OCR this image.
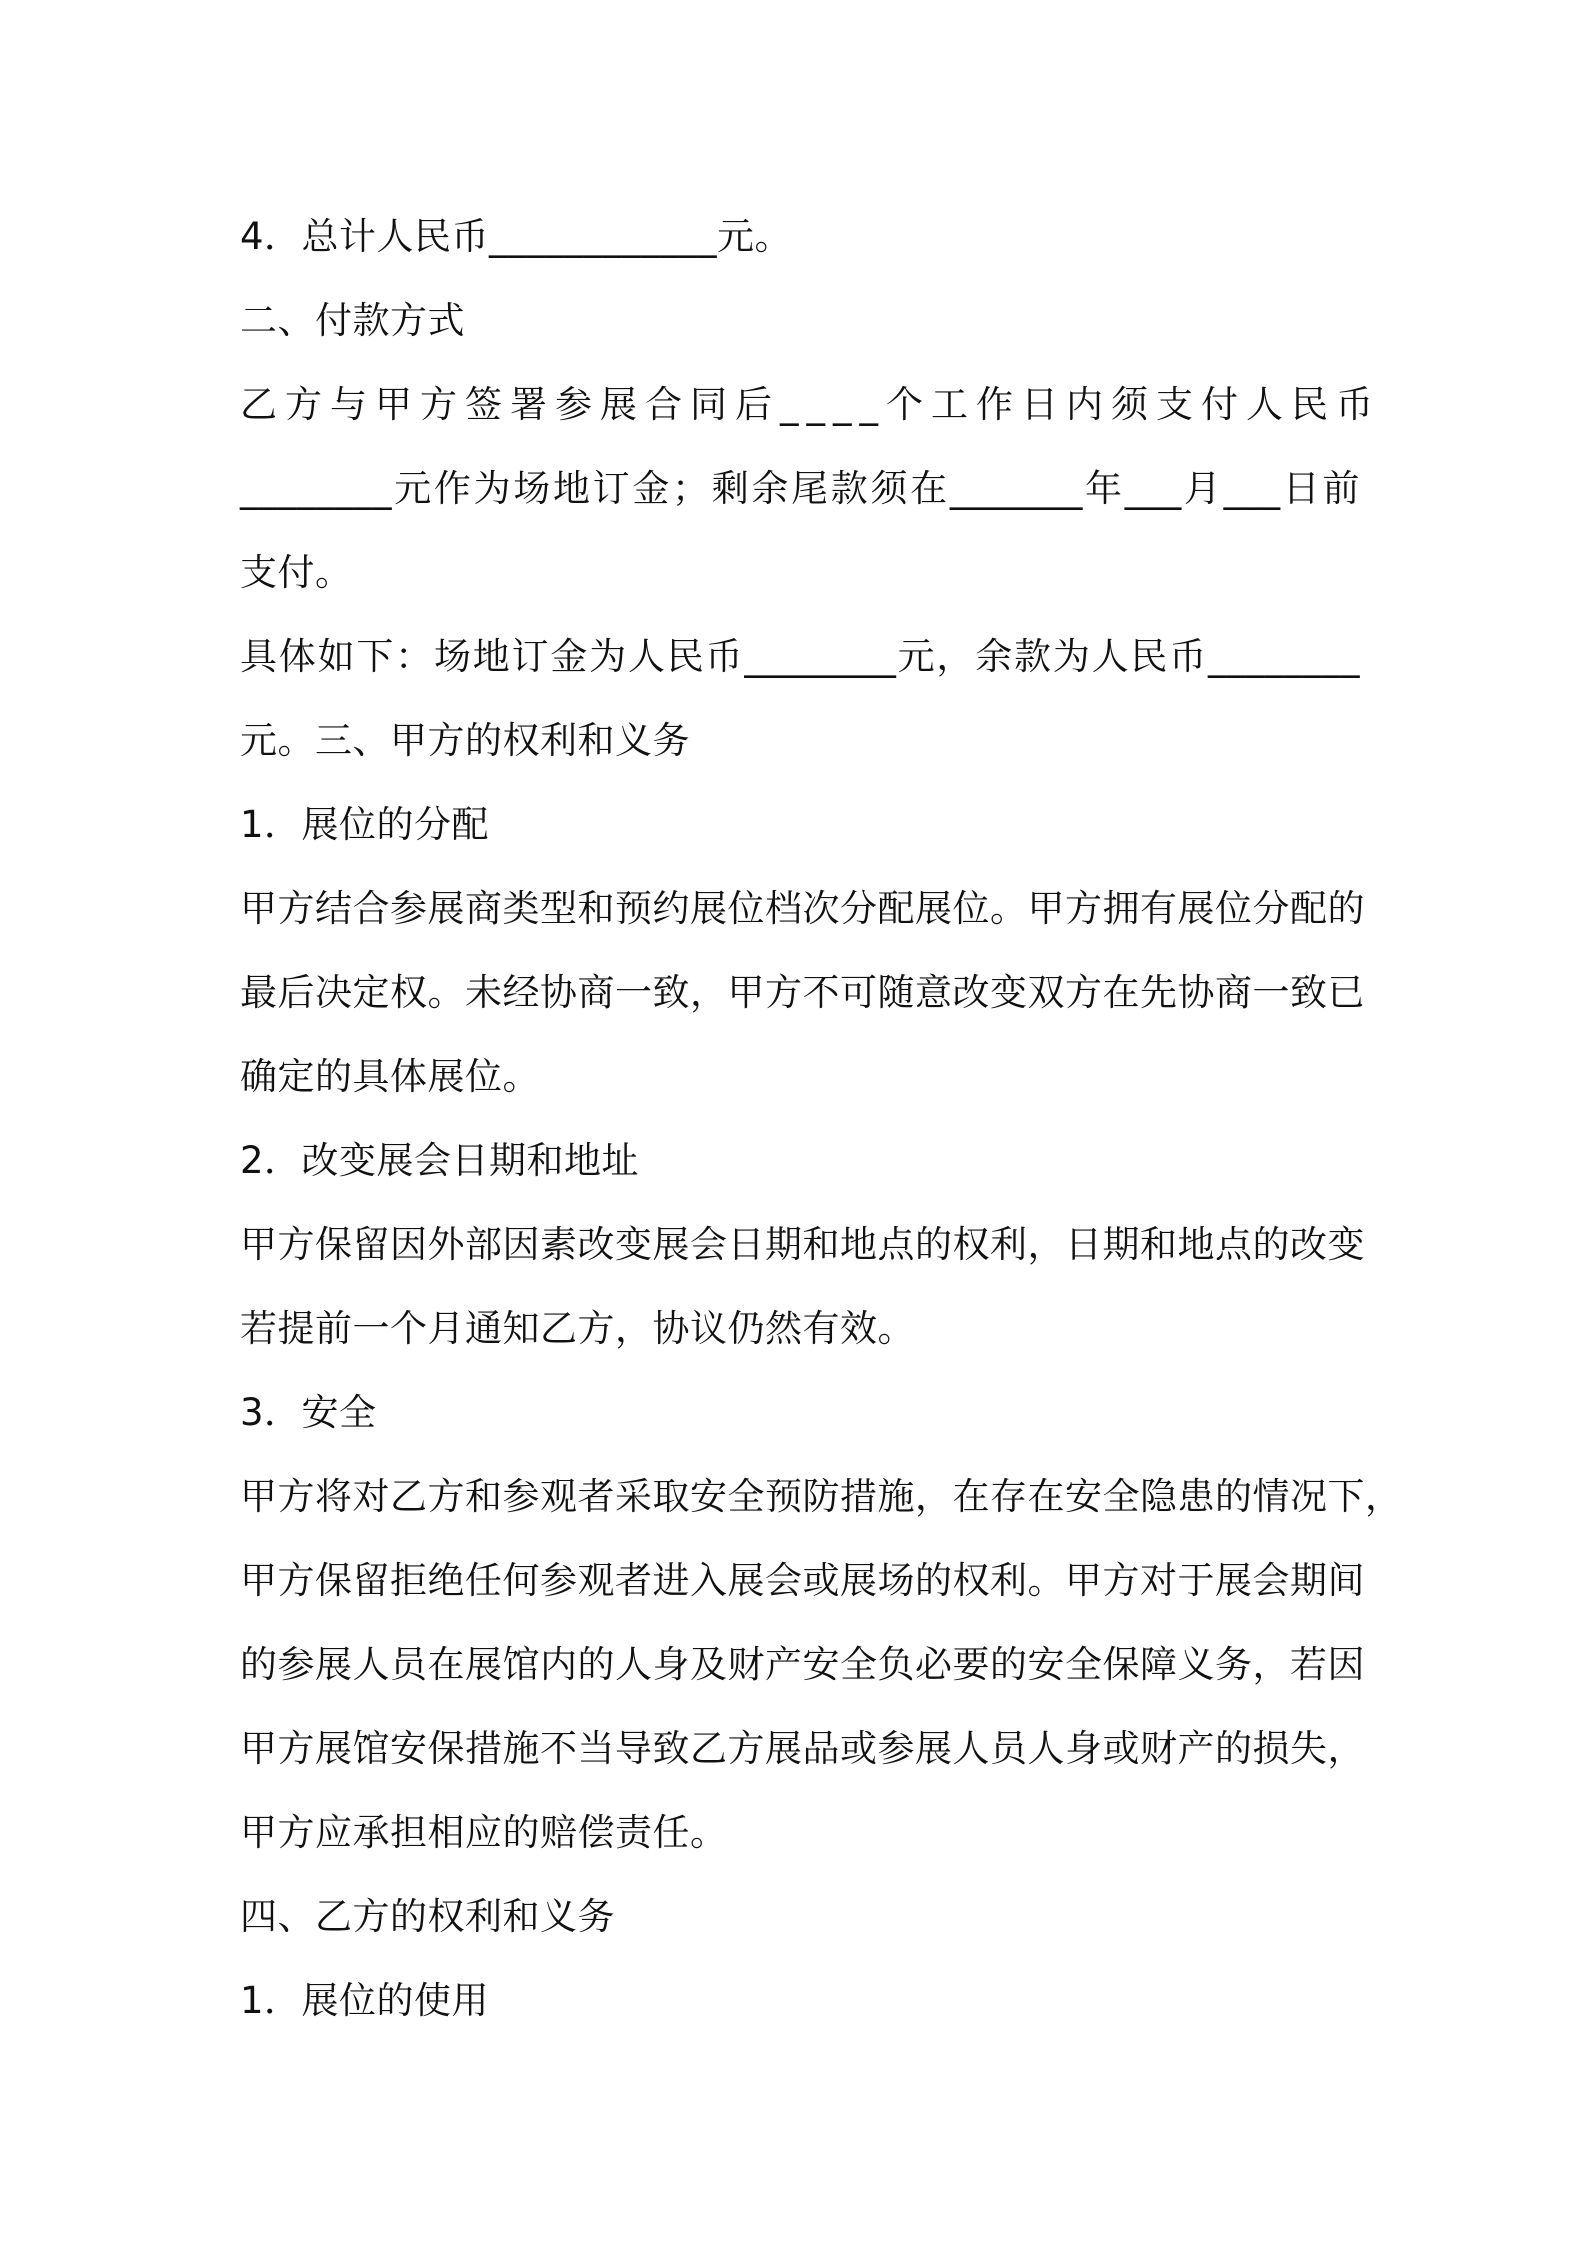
4．总计人民币____________元。
二、付款方式
乙方与甲方签署参展合同后____个工作日内须支付人民币
________元作为场地订金；剩余尾款须在_______年___月___日前
支付。
具体如下：场地订金为人民币________元，余款为人民币________
元。三、甲方的权利和义务
1．展位的分配
甲方结合参展商类型和预约展位档次分配展位。甲方拥有展位分配的
最后决定权。未经协商一致，甲方不可随意改变双方在先协商一致已
确定的具体展位。
2．改变展会日期和地址
甲方保留因外部因素改变展会日期和地点的权利，日期和地点的改变
若提前一个月通知乙方，协议仍然有效。
3．安全
甲方将对乙方和参观者采取安全预防措施，在存在安全隐患的情况下，
甲方保留拒绝任何参观者进入展会或展场的权利。甲方对于展会期间
的参展人员在展馆内的人身及财产安全负必要的安全保障义务，若因
甲方展馆安保措施不当导致乙方展品或参展人员人身或财产的损失，
甲方应承担相应的赔偿责任。
四、乙方的权利和义务
1．展位的使用
